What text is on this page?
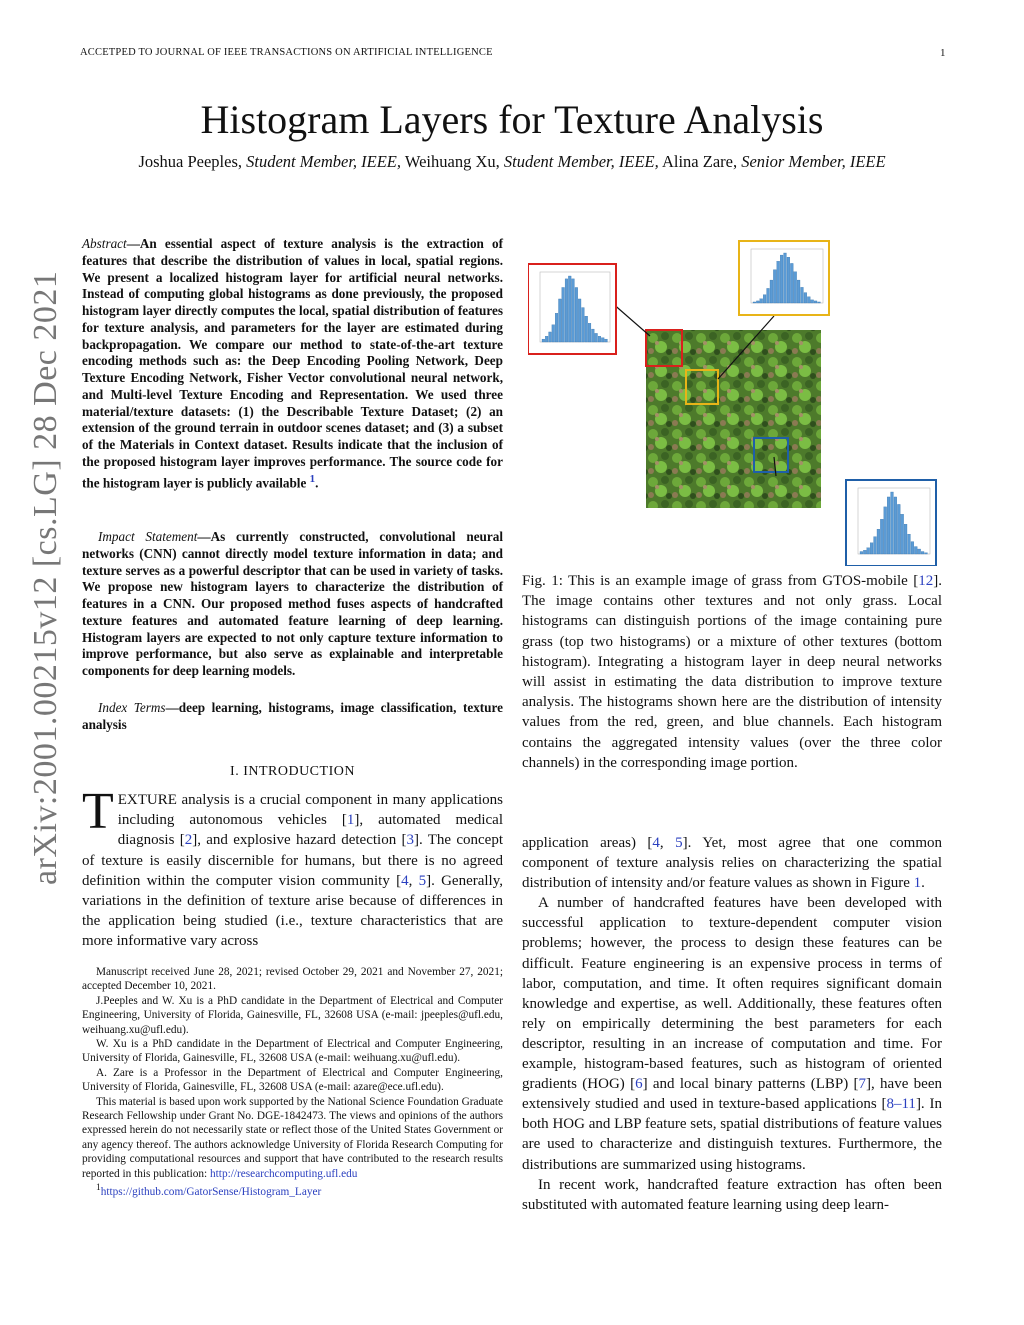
ACCETPED TO JOURNAL OF IEEE TRANSACTIONS ON ARTIFICIAL INTELLIGENCE	1
Histogram Layers for Texture Analysis
Joshua Peeples, Student Member, IEEE, Weihuang Xu, Student Member, IEEE, Alina Zare, Senior Member, IEEE
arXiv:2001.00215v12 [cs.LG] 28 Dec 2021
Abstract—An essential aspect of texture analysis is the extraction of features that describe the distribution of values in local, spatial regions. We present a localized histogram layer for artificial neural networks. Instead of computing global histograms as done previously, the proposed histogram layer directly computes the local, spatial distribution of features for texture analysis, and parameters for the layer are estimated during backpropagation. We compare our method to state-of-the-art texture encoding methods such as: the Deep Encoding Pooling Network, Deep Texture Encoding Network, Fisher Vector convolutional neural network, and Multi-level Texture Encoding and Representation. We used three material/texture datasets: (1) the Describable Texture Dataset; (2) an extension of the ground terrain in outdoor scenes dataset; and (3) a subset of the Materials in Context dataset. Results indicate that the inclusion of the proposed histogram layer improves performance. The source code for the histogram layer is publicly available $^1$.
Impact Statement—As currently constructed, convolutional neural networks (CNN) cannot directly model texture information in data; and texture serves as a powerful descriptor that can be used in variety of tasks. We propose new histogram layers to characterize the distribution of features in a CNN. Our proposed method fuses aspects of handcrafted texture features and automated feature learning of deep learning. Histogram layers are expected to not only capture texture information to improve performance, but also serve as explainable and interpretable components for deep learning models.
Index Terms—deep learning, histograms, image classification, texture analysis
I. INTRODUCTION
TEXTURE analysis is a crucial component in many applications including autonomous vehicles [1], automated medical diagnosis [2], and explosive hazard detection [3]. The concept of texture is easily discernible for humans, but there is no agreed definition within the computer vision community [4, 5]. Generally, variations in the definition of texture arise because of differences in the application being studied (i.e., texture characteristics that are more informative vary across

Manuscript received June 28, 2021; revised October 29, 2021 and November 27, 2021; accepted December 10, 2021.

J.Peeples and W. Xu is a PhD candidate in the Department of Electrical and Computer Engineering, University of Florida, Gainesville, FL, 32608 USA (e-mail: jpeeples@ufl.edu, weihuang.xu@ufl.edu).

W. Xu is a PhD candidate in the Department of Electrical and Computer Engineering, University of Florida, Gainesville, FL, 32608 USA (e-mail: weihuang.xu@ufl.edu).

A. Zare is a Professor in the Department of Electrical and Computer Engineering, University of Florida, Gainesville, FL, 32608 USA (e-mail: azare@ece.ufl.edu).

This material is based upon work supported by the National Science Foundation Graduate Research Fellowship under Grant No. DGE-1842473. The views and opinions of the authors expressed herein do not necessarily state or reflect those of the United States Government or any agency thereof. The authors acknowledge University of Florida Research Computing for providing computational resources and support that have contributed to the research results reported in this publication: http://researchcomputing.ufl.edu

$^1$https://github.com/GatorSense/Histogram_Layer

Fig. 1: This is an example image of grass from GTOS-mobile [12]. The image contains other textures and not only grass. Local histograms can distinguish portions of the image containing pure grass (top two histograms) or a mixture of other textures (bottom histogram). Integrating a histogram layer in deep neural networks will assist in estimating the data distribution to improve texture analysis. The histograms shown here are the distribution of intensity values from the red, green, and blue channels. Each histogram contains the aggregated intensity values (over the three color channels) in the corresponding image portion.

application areas) [4, 5]. Yet, most agree that one common component of texture analysis relies on characterizing the spatial distribution of intensity and/or feature values as shown in Figure 1.

A number of handcrafted features have been developed with successful application to texture-dependent computer vision problems; however, the process to design these features can be difficult. Feature engineering is an expensive process in terms of labor, computation, and time. It often requires significant domain knowledge and expertise, as well. Additionally, these features often rely on empirically determining the best parameters for each descriptor, resulting in an increase of computation and time. For example, histogram-based features, such as histogram of oriented gradients (HOG) [6] and local binary patterns (LBP) [7], have been extensively studied and used in texture-based applications [8–11]. In both HOG and LBP feature sets, spatial distributions of feature values are used to characterize and distinguish textures. Furthermore, the distributions are summarized using histograms.

In recent work, handcrafted feature extraction has often been substituted with automated feature learning using deep learn-
